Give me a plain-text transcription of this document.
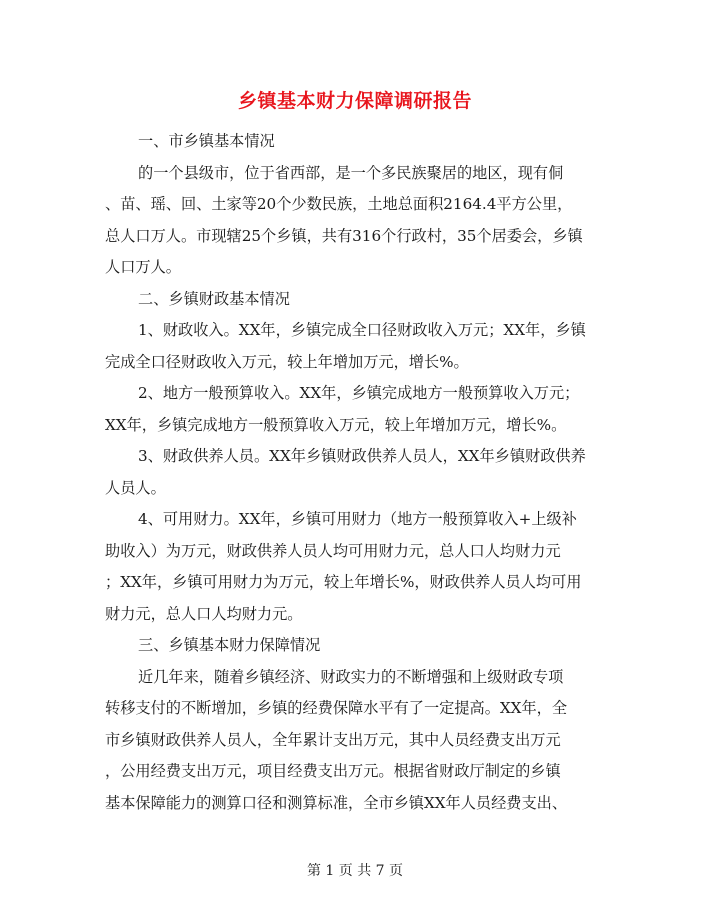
乡镇基本财力保障调研报告
一、市乡镇基本情况
的一个县级市，位于省西部，是一个多民族聚居的地区，现有侗
、苗、瑶、回、土家等20个少数民族，土地总面积2164.4平方公里，
总人口万人。市现辖25个乡镇，共有316个行政村，35个居委会，乡镇
人口万人。
二、乡镇财政基本情况
1、财政收入。XX年，乡镇完成全口径财政收入万元；XX年，乡镇
完成全口径财政收入万元，较上年增加万元，增长%。
2、地方一般预算收入。XX年，乡镇完成地方一般预算收入万元；
XX年，乡镇完成地方一般预算收入万元，较上年增加万元，增长%。
3、财政供养人员。XX年乡镇财政供养人员人，XX年乡镇财政供养
人员人。
4、可用财力。XX年，乡镇可用财力（地方一般预算收入+上级补
助收入）为万元，财政供养人员人均可用财力元，总人口人均财力元
；XX年，乡镇可用财力为万元，较上年增长%，财政供养人员人均可用
财力元，总人口人均财力元。
三、乡镇基本财力保障情况
近几年来，随着乡镇经济、财政实力的不断增强和上级财政专项
转移支付的不断增加，乡镇的经费保障水平有了一定提高。XX年，全
市乡镇财政供养人员人，全年累计支出万元，其中人员经费支出万元
，公用经费支出万元，项目经费支出万元。根据省财政厅制定的乡镇
基本保障能力的测算口径和测算标准，全市乡镇XX年人员经费支出、
第 1 页 共 7 页
